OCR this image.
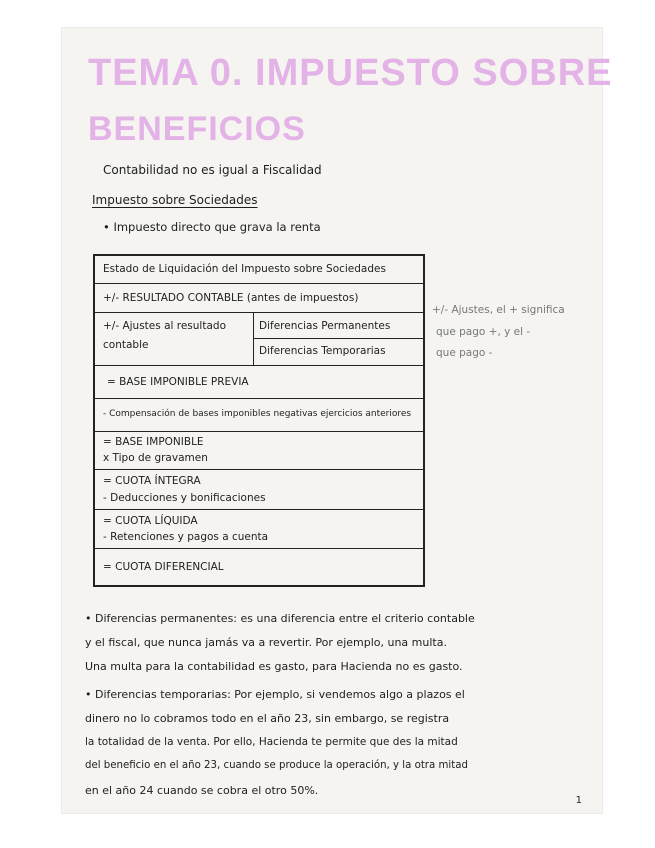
TEMA 0. IMPUESTO SOBRE
BENEFICIOS
Contabilidad no es igual a Fiscalidad
Impuesto sobre Sociedades
• Impuesto directo que grava la renta
Estado de Liquidación del Impuesto sobre Sociedades
+/- RESULTADO CONTABLE (antes de impuestos)
+/- Ajustes al resultado
contable
Diferencias Permanentes
Diferencias Temporarias
= BASE IMPONIBLE PREVIA
- Compensación de bases imponibles negativas ejercicios anteriores
= BASE IMPONIBLE
x Tipo de gravamen
= CUOTA ÍNTEGRA
- Deducciones y bonificaciones
= CUOTA LÍQUIDA
- Retenciones y pagos a cuenta
= CUOTA DIFERENCIAL
+/- Ajustes, el + significa
que pago +, y el -
que pago -
• Diferencias permanentes: es una diferencia entre el criterio contable
y el fiscal, que nunca jamás va a revertir. Por ejemplo, una multa.
Una multa para la contabilidad es gasto, para Hacienda no es gasto.
• Diferencias temporarias: Por ejemplo, si vendemos algo a plazos el
dinero no lo cobramos todo en el año 23, sin embargo, se registra
la totalidad de la venta. Por ello, Hacienda te permite que des la mitad
del beneficio en el año 23, cuando se produce la operación, y la otra mitad
en el año 24 cuando se cobra el otro 50%.
1
